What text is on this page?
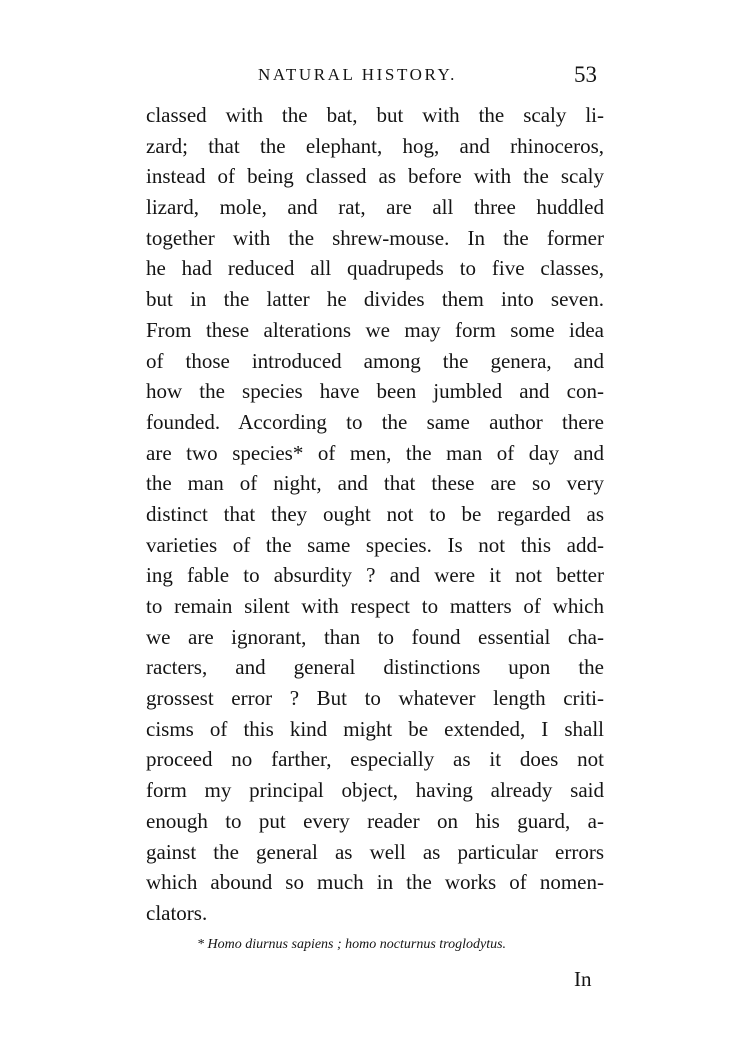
NATURAL HISTORY.	53
classed with the bat, but with the scaly li-
zard; that the elephant, hog, and rhinoceros,
instead of being classed as before with the scaly
lizard, mole, and rat, are all three huddled
together with the shrew-mouse. In the former
he had reduced all quadrupeds to five classes,
but in the latter he divides them into seven.
From these alterations we may form some idea
of those introduced among the genera, and
how the species have been jumbled and con-
founded. According to the same author there
are two species* of men, the man of day and
the man of night, and that these are so very
distinct that they ought not to be regarded as
varieties of the same species. Is not this add-
ing fable to absurdity ? and were it not better
to remain silent with respect to matters of which
we are ignorant, than to found essential cha-
racters, and general distinctions upon the
grossest error ? But to whatever length criti-
cisms of this kind might be extended, I shall
proceed no farther, especially as it does not
form my principal object, having already said
enough to put every reader on his guard, a-
gainst the general as well as particular errors
which abound so much in the works of nomen-
clators.
* Homo diurnus sapiens ; homo nocturnus troglodytus.
In
